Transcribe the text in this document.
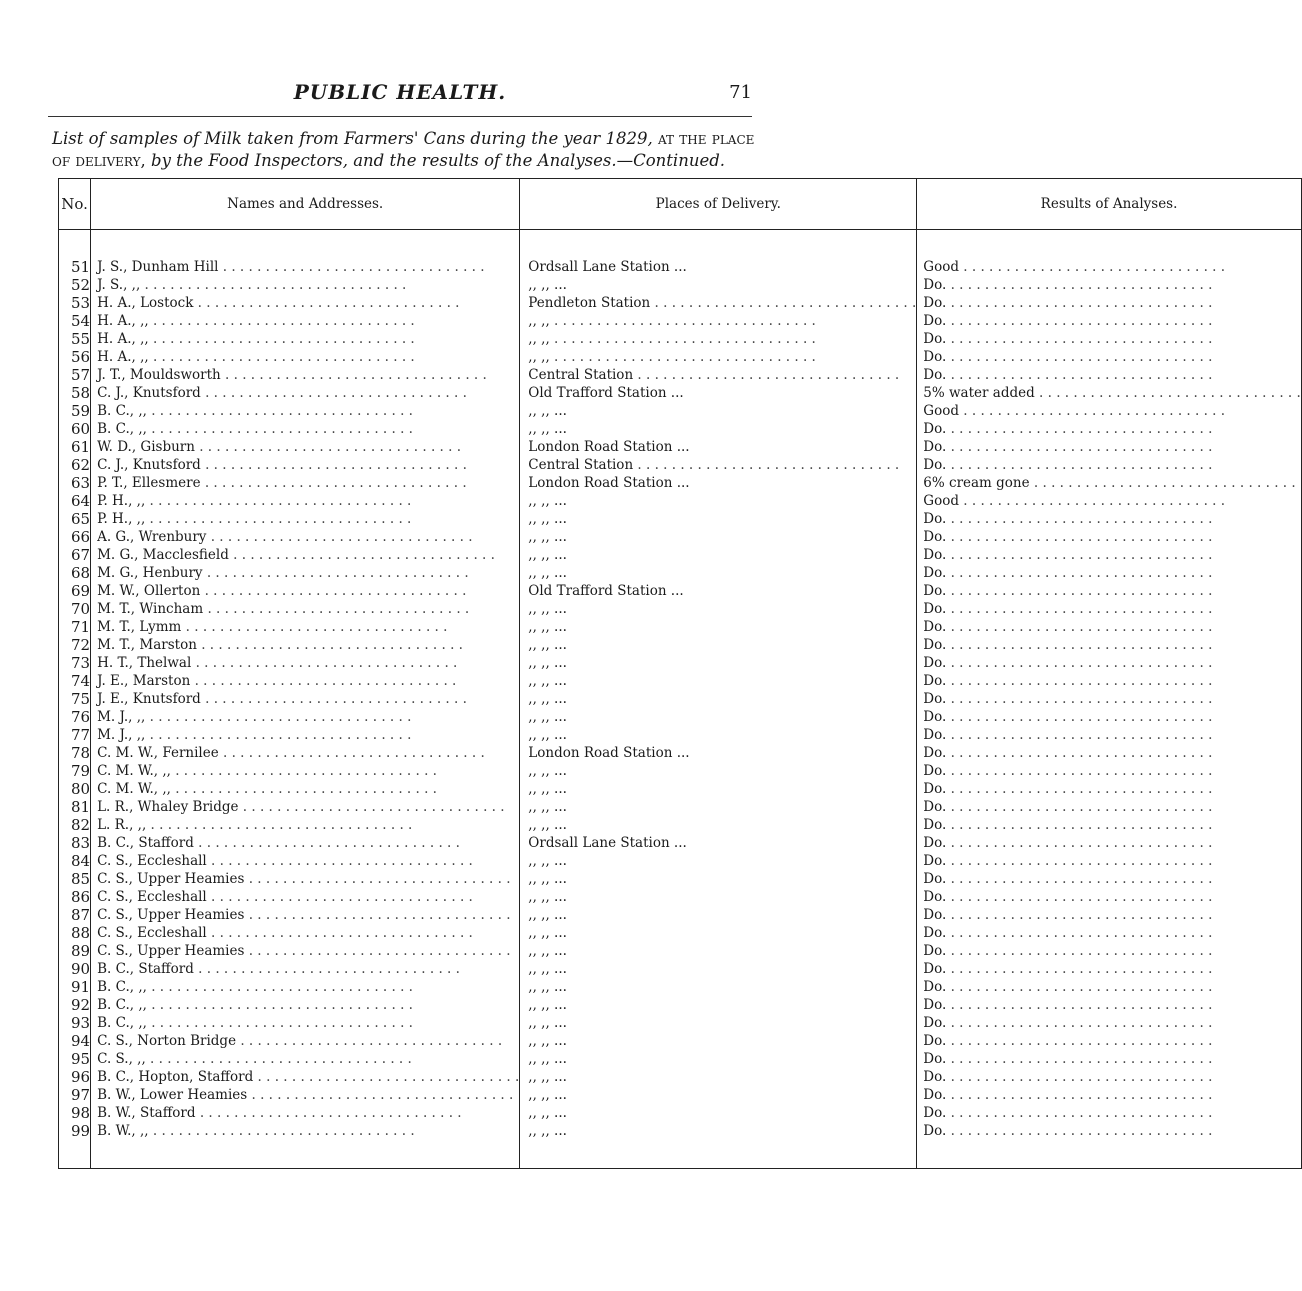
PUBLIC HEALTH.	71
List of samples of Milk taken from Farmers' Cans during the year 1829, at the place of delivery, by the Food Inspectors, and the results of the Analyses.—Continued.
No.	Names and Addresses.	Places of Delivery.	Results of Analyses.

51	J. S., Dunham Hill . . .	Ordsall Lane Station ...	Good . . .

52	J. S., ,, . . .	,, ,, ...	Do. . . .

53	H. A., Lostock . . .	Pendleton Station . . .	Do. . . .

54	H. A., ,, . . .	,, ,, . . .	Do. . . .

55	H. A., ,, . . .	,, ,, . . .	Do. . . .

56	H. A., ,, . . .	,, ,, . . .	Do. . . .

57	J. T., Mouldsworth . . .	Central Station . . .	Do. . . .

58	C. J., Knutsford . . .	Old Trafford Station ...	5% water added . . .

59	B. C., ,, . . .	,, ,, ...	Good . . .

60	B. C., ,, . . .	,, ,, ...	Do. . . .

61	W. D., Gisburn . . .	London Road Station ...	Do. . . .

62	C. J., Knutsford . . .	Central Station . . .	Do. . . .

63	P. T., Ellesmere . . .	London Road Station ...	6% cream gone . . .

64	P. H., ,, . . .	,, ,, ...	Good . . .

65	P. H., ,, . . .	,, ,, ...	Do. . . .

66	A. G., Wrenbury . . .	,, ,, ...	Do. . . .

67	M. G., Macclesfield . . .	,, ,, ...	Do. . . .

68	M. G., Henbury . . .	,, ,, ...	Do. . . .

69	M. W., Ollerton . . .	Old Trafford Station ...	Do. . . .

70	M. T., Wincham . . .	,, ,, ...	Do. . . .

71	M. T., Lymm . . .	,, ,, ...	Do. . . .

72	M. T., Marston . . .	,, ,, ...	Do. . . .

73	H. T., Thelwal . . .	,, ,, ...	Do. . . .

74	J. E., Marston . . .	,, ,, ...	Do. . . .

75	J. E., Knutsford . . .	,, ,, ...	Do. . . .

76	M. J., ,, . . .	,, ,, ...	Do. . . .

77	M. J., ,, . . .	,, ,, ...	Do. . . .

78	C. M. W., Fernilee . . .	London Road Station ...	Do. . . .

79	C. M. W., ,, . . .	,, ,, ...	Do. . . .

80	C. M. W., ,, . . .	,, ,, ...	Do. . . .

81	L. R., Whaley Bridge . . .	,, ,, ...	Do. . . .

82	L. R., ,, . . .	,, ,, ...	Do. . . .

83	B. C., Stafford . . .	Ordsall Lane Station ...	Do. . . .

84	C. S., Eccleshall . . .	,, ,, ...	Do. . . .

85	C. S., Upper Heamies . . .	,, ,, ...	Do. . . .

86	C. S., Eccleshall . . .	,, ,, ...	Do. . . .

87	C. S., Upper Heamies . . .	,, ,, ...	Do. . . .

88	C. S., Eccleshall . . .	,, ,, ...	Do. . . .

89	C. S., Upper Heamies . . .	,, ,, ...	Do. . . .

90	B. C., Stafford . . .	,, ,, ...	Do. . . .

91	B. C., ,, . . .	,, ,, ...	Do. . . .

92	B. C., ,, . . .	,, ,, ...	Do. . . .

93	B. C., ,, . . .	,, ,, ...	Do. . . .

94	C. S., Norton Bridge . . .	,, ,, ...	Do. . . .

95	C. S., ,, . . .	,, ,, ...	Do. . . .

96	B. C., Hopton, Stafford . . .	,, ,, ...	Do. . . .

97	B. W., Lower Heamies . . .	,, ,, ...	Do. . . .

98	B. W., Stafford . . .	,, ,, ...	Do. . . .

99	B. W., ,, . . .	,, ,, ...	Do. . . .
